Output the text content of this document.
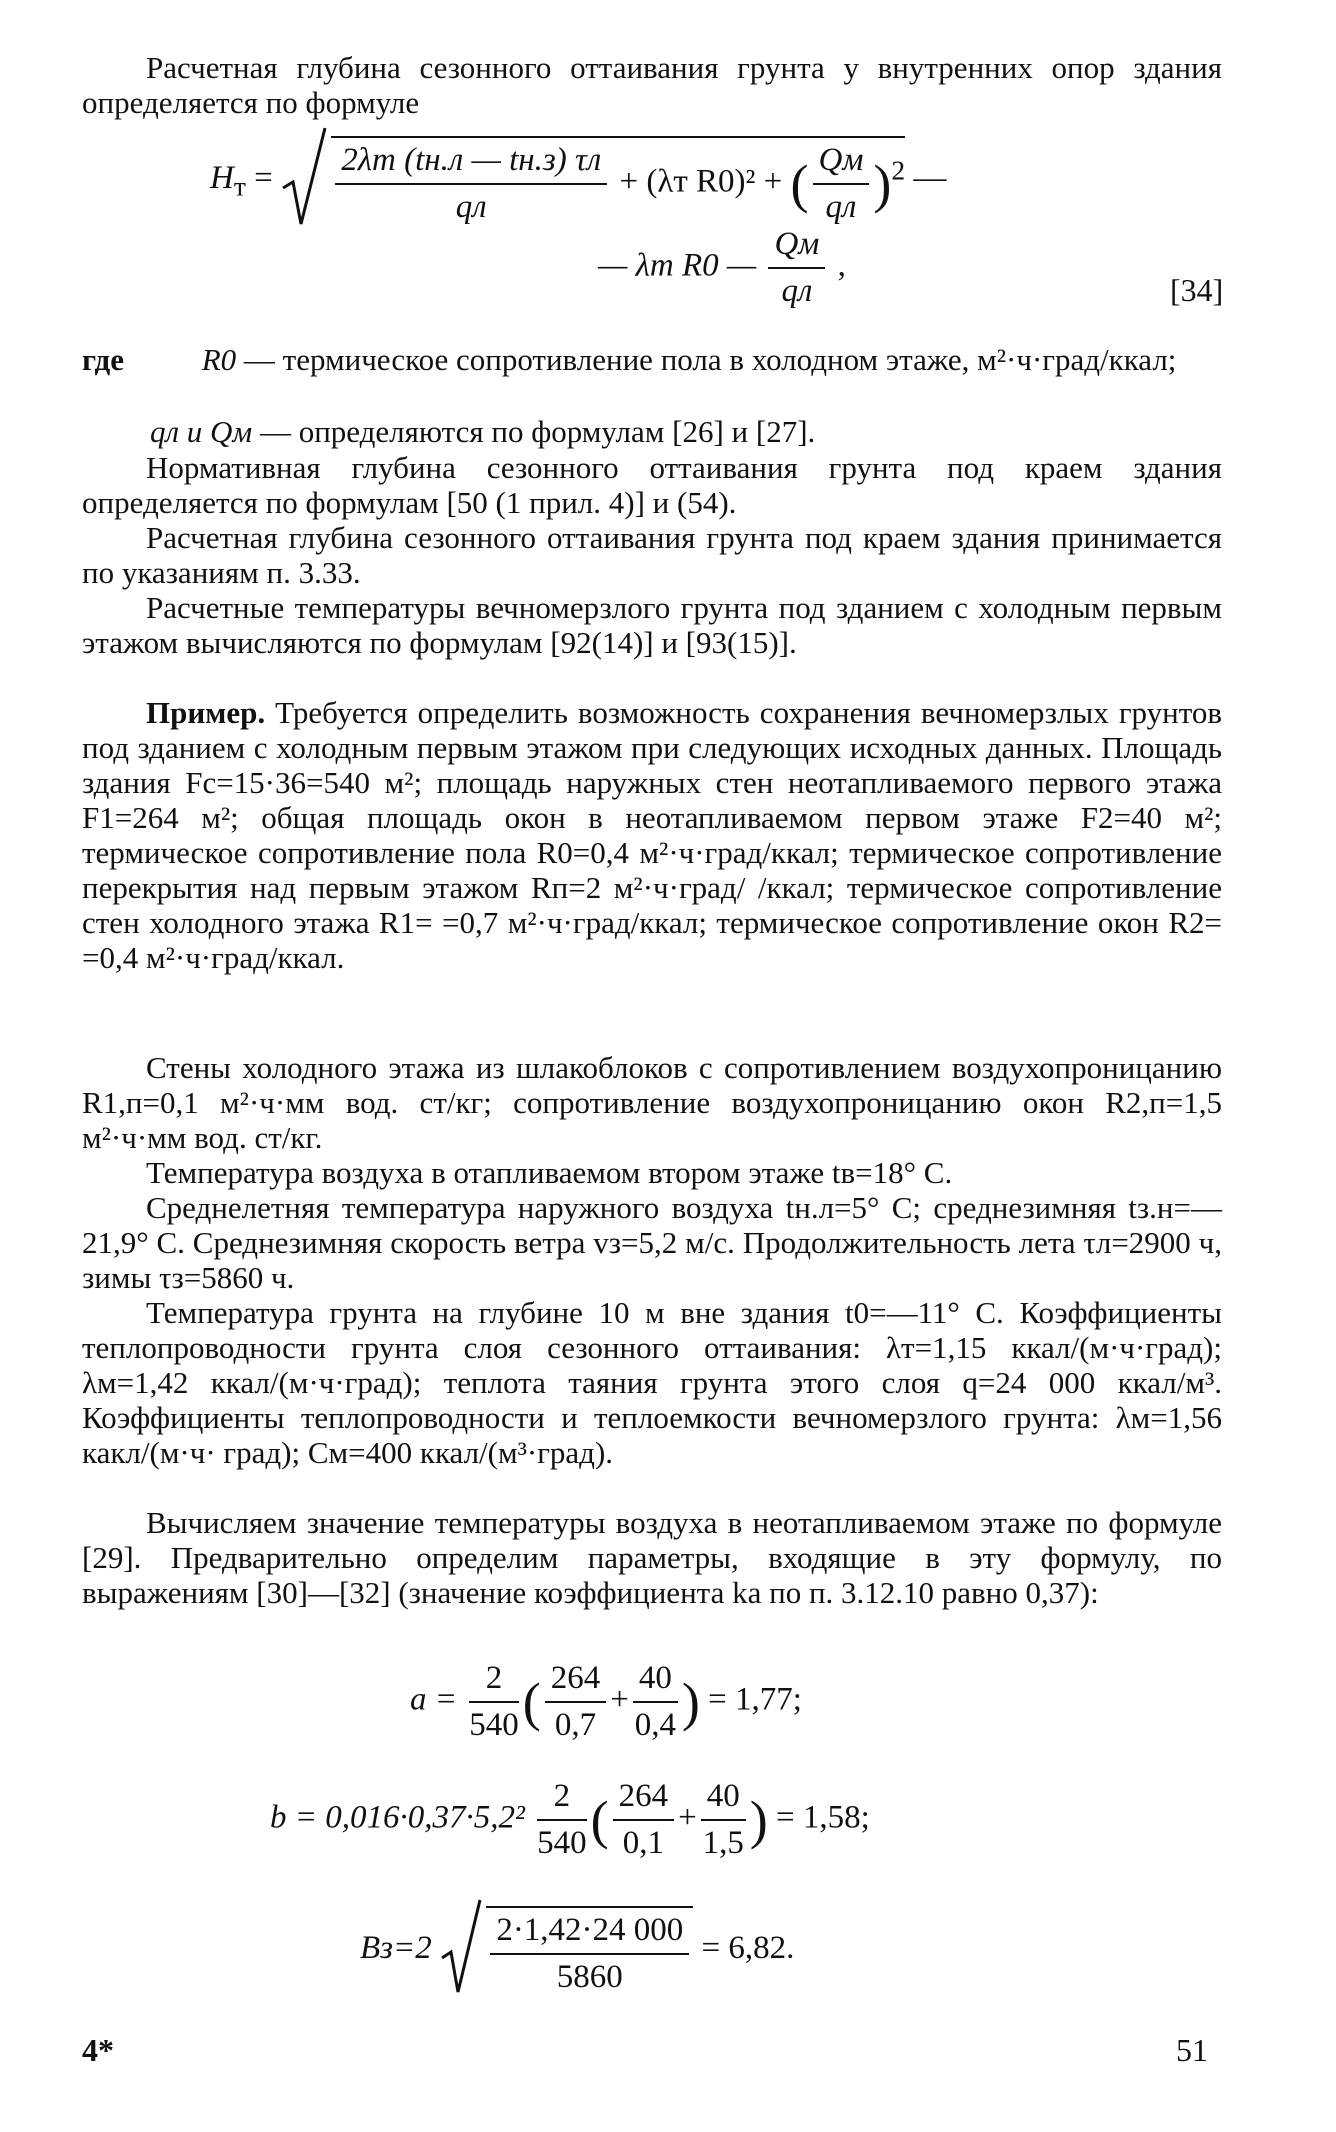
Расчетная глубина сезонного оттаивания грунта у внутренних опор здания определяется по формуле

$H_т = \frac{2\lambda т (tн.л — tн.з) \tau л}{qл} + (\lambda т$ R0)² + ( $\frac{Qм}{qл} )^2$ —
— λт R0 — $\frac{Qм}{qл}$ ,
[34]
где	R0 — термическое сопротивление пола в холодном этаже, м²·ч·град/ккал;
qл и Qм — определяются по формулам [26] и [27].

Нормативная глубина сезонного оттаивания грунта под краем здания определяется по формулам [50 (1 прил. 4)] и (54).

Расчетная глубина сезонного оттаивания грунта под краем здания принимается по указаниям п. 3.33.

Расчетные температуры вечномерзлого грунта под зданием с холодным первым этажом вычисляются по формулам [92(14)] и [93(15)].

Пример. Требуется определить возможность сохранения вечномерзлых грунтов под зданием с холодным первым этажом при следующих исходных данных. Площадь здания Fс=15·36=540 м²; площадь наружных стен неотапливаемого первого этажа F1=264 м²; общая площадь окон в неотапливаемом первом этаже F2=40 м²; термическое сопротивление пола R0=0,4 м²·ч·град/ккал; термическое сопротивление перекрытия над первым этажом Rп=2 м²·ч·град/ /ккал; термическое сопротивление стен холодного этажа R1= =0,7 м²·ч·град/ккал; термическое сопротивление окон R2= =0,4 м²·ч·град/ккал.

Стены холодного этажа из шлакоблоков с сопротивлением воздухопроницанию R1,п=0,1 м²·ч·мм вод. ст/кг; сопротивление воздухопроницанию окон R2,п=1,5 м²·ч·мм вод. ст/кг.

Температура воздуха в отапливаемом втором этаже tв=18° С.

Среднелетняя температура наружного воздуха tн.л=5° С; среднезимняя tз.н=—21,9° С. Среднезимняя скорость ветра vз=5,2 м/с. Продолжительность лета τл=2900 ч, зимы τз=5860 ч.

Температура грунта на глубине 10 м вне здания t0=—11° С. Коэффициенты теплопроводности грунта слоя сезонного оттаивания: λт=1,15 ккал/(м·ч·град); λм=1,42 ккал/(м·ч·град); теплота таяния грунта этого слоя q=24 000 ккал/м³. Коэффициенты теплопроводности и теплоемкости вечномерзлого грунта: λм=1,56 какл/(м·ч· град); Cм=400 ккал/(м³·град).

Вычисляем значение температуры воздуха в неотапливаемом этаже по формуле [29]. Предварительно определим параметры, входящие в эту формулу, по выражениям [30]—[32] (значение коэффициента kа по п. 3.12.10 равно 0,37):

$a = \frac{2}{540}$ ( $\frac{264}{0,7} + \frac{40}{0,4}$ ) = 1,77;
$b = 0,016\cdot 0,37\cdot 5,2^2 \frac{2}{540}$ ( $\frac{264}{0,1} + \frac{40}{1,5}$ ) = 1,58;
$Bз=2 \frac{2\cdot 1,42\cdot 24 000}{5860} = 6,82$.
4*	51
